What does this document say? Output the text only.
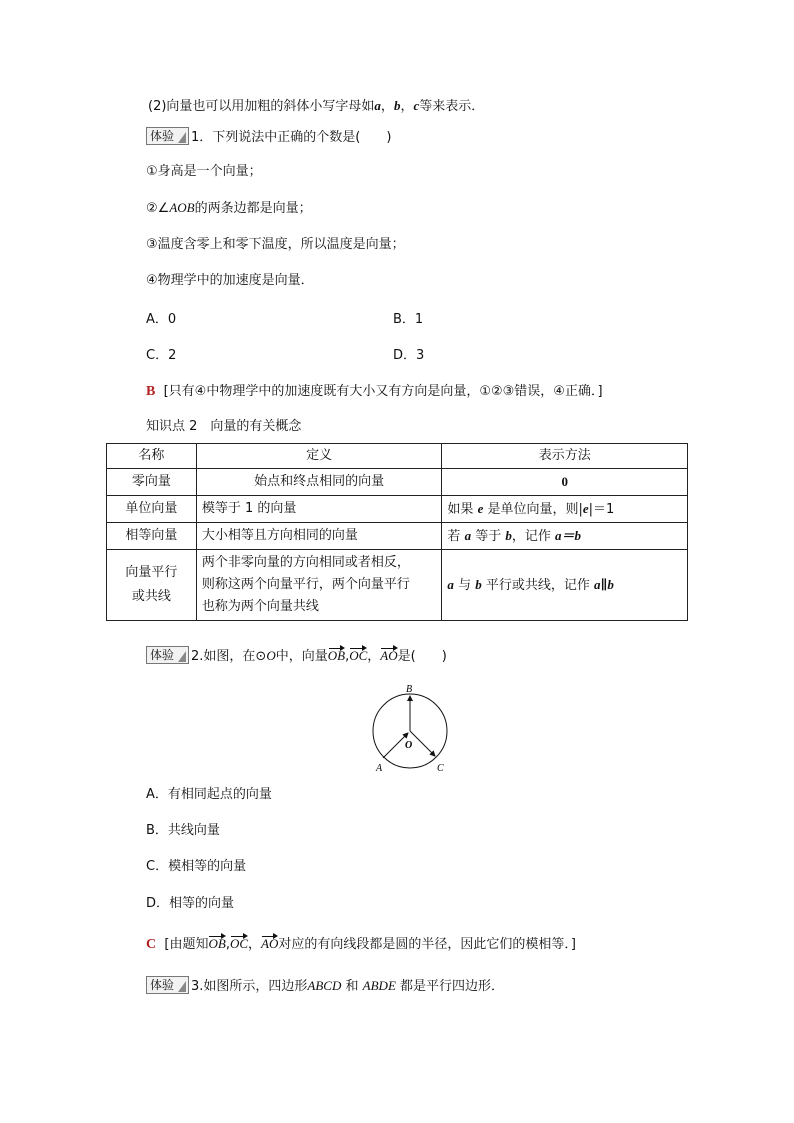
(2)向量也可以用加粗的斜体小写字母如a，b，c等来表示．
体验 1．下列说法中正确的个数是(　　)
①身高是一个向量；
②∠AOB的两条边都是向量；
③温度含零上和零下温度，所以温度是向量；
④物理学中的加速度是向量．
A．0	B．1
C．2	D．3
B [只有④中物理学中的加速度既有大小又有方向是向量，①②③错误，④正确．]
知识点 2　向量的有关概念
名称	定义	表示方法
零向量	始点和终点相同的向量	0
单位向量	模等于 1 的向量	如果 e 是单位向量，则|e|＝1
相等向量	大小相等且方向相同的向量	若 a 等于 b，记作 a＝b
向量平行
或共线	两个非零向量的方向相同或者相反，
则称这两个向量平行，两个向量平行
也称为两个向量共线	a 与 b 平行或共线，记作 a∥b
体验 2.如图，在⊙O中，向量OB,OC，AO是(　　)
B
O
A	C
A．有相同起点的向量
B．共线向量
C．模相等的向量
D．相等的向量
C [由题知OB,OC，AO对应的有向线段都是圆的半径，因此它们的模相等．]
体验 3.如图所示，四边形ABCD 和 ABDE 都是平行四边形．
